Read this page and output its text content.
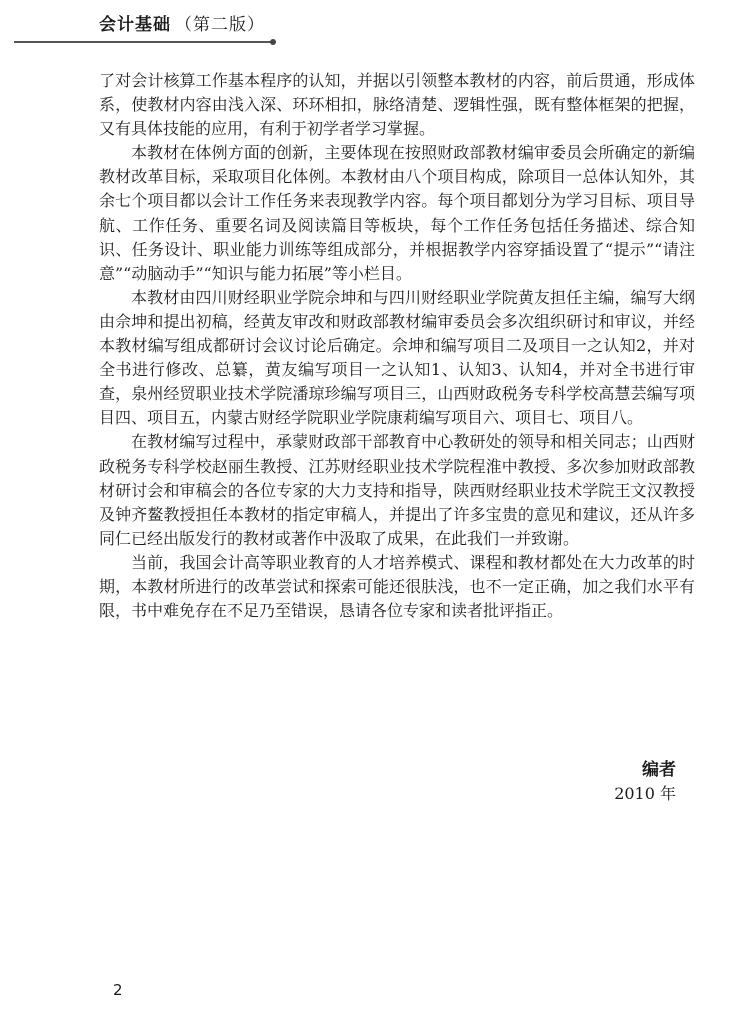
会计基础 （第二版）

了对会计核算工作基本程序的认知，并据以引领整本教材的内容，前后贯通，形成体系，使教材内容由浅入深、环环相扣，脉络清楚、逻辑性强，既有整体框架的把握，又有具体技能的应用，有利于初学者学习掌握。

本教材在体例方面的创新，主要体现在按照财政部教材编审委员会所确定的新编教材改革目标，采取项目化体例。本教材由八个项目构成，除项目一总体认知外，其余七个项目都以会计工作任务来表现教学内容。每个项目都划分为学习目标、项目导航、工作任务、重要名词及阅读篇目等板块，每个工作任务包括任务描述、综合知识、任务设计、职业能力训练等组成部分，并根据教学内容穿插设置了“提示”“请注意”“动脑动手”“知识与能力拓展”等小栏目。

本教材由四川财经职业学院佘坤和与四川财经职业学院黄友担任主编，编写大纲由佘坤和提出初稿，经黄友审改和财政部教材编审委员会多次组织研讨和审议，并经本教材编写组成都研讨会议讨论后确定。佘坤和编写项目二及项目一之认知2，并对全书进行修改、总纂，黄友编写项目一之认知1、认知3、认知4，并对全书进行审查，泉州经贸职业技术学院潘琼珍编写项目三，山西财政税务专科学校高慧芸编写项目四、项目五，内蒙古财经学院职业学院康莉编写项目六、项目七、项目八。

在教材编写过程中，承蒙财政部干部教育中心教研处的领导和相关同志；山西财政税务专科学校赵丽生教授、江苏财经职业技术学院程淮中教授、多次参加财政部教材研讨会和审稿会的各位专家的大力支持和指导，陕西财经职业技术学院王文汉教授及钟齐鳌教授担任本教材的指定审稿人，并提出了许多宝贵的意见和建议，还从许多同仁已经出版发行的教材或著作中汲取了成果，在此我们一并致谢。

当前，我国会计高等职业教育的人才培养模式、课程和教材都处在大力改革的时期，本教材所进行的改革尝试和探索可能还很肤浅，也不一定正确，加之我们水平有限，书中难免存在不足乃至错误，恳请各位专家和读者批评指正。

编者
2010 年
2
